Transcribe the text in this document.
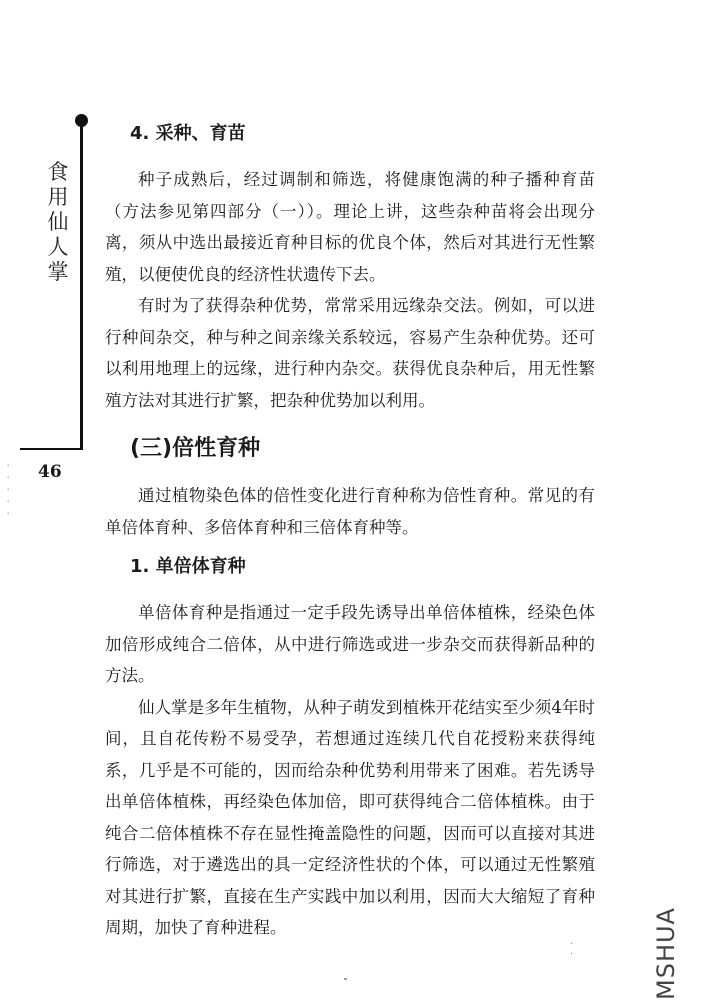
食
用
仙
人
掌
'
'
'
'
'
46
4. 采种、育苗

种子成熟后，经过调制和筛选，将健康饱满的种子播种育苗（方法参见第四部分（一））。理论上讲，这些杂种苗将会出现分离，须从中选出最接近育种目标的优良个体，然后对其进行无性繁殖，以便使优良的经济性状遗传下去。

有时为了获得杂种优势，常常采用远缘杂交法。例如，可以进行种间杂交，种与种之间亲缘关系较远，容易产生杂种优势。还可以利用地理上的远缘，进行种内杂交。获得优良杂种后，用无性繁殖方法对其进行扩繁，把杂种优势加以利用。

(三)倍性育种

通过植物染色体的倍性变化进行育种称为倍性育种。常见的有单倍体育种、多倍体育种和三倍体育种等。

1. 单倍体育种

单倍体育种是指通过一定手段先诱导出单倍体植株，经染色体加倍形成纯合二倍体，从中进行筛选或进一步杂交而获得新品种的方法。

仙人掌是多年生植物，从种子萌发到植株开花结实至少须4年时间，且自花传粉不易受孕，若想通过连续几代自花授粉来获得纯系，几乎是不可能的，因而给杂种优势利用带来了困难。若先诱导出单倍体植株，再经染色体加倍，即可获得纯合二倍体植株。由于纯合二倍体植株不存在显性掩盖隐性的问题，因而可以直接对其进行筛选，对于遴选出的具一定经济性状的个体，可以通过无性繁殖对其进行扩繁，直接在生产实践中加以利用，因而大大缩短了育种周期，加快了育种进程。

·
·	MSHUA
